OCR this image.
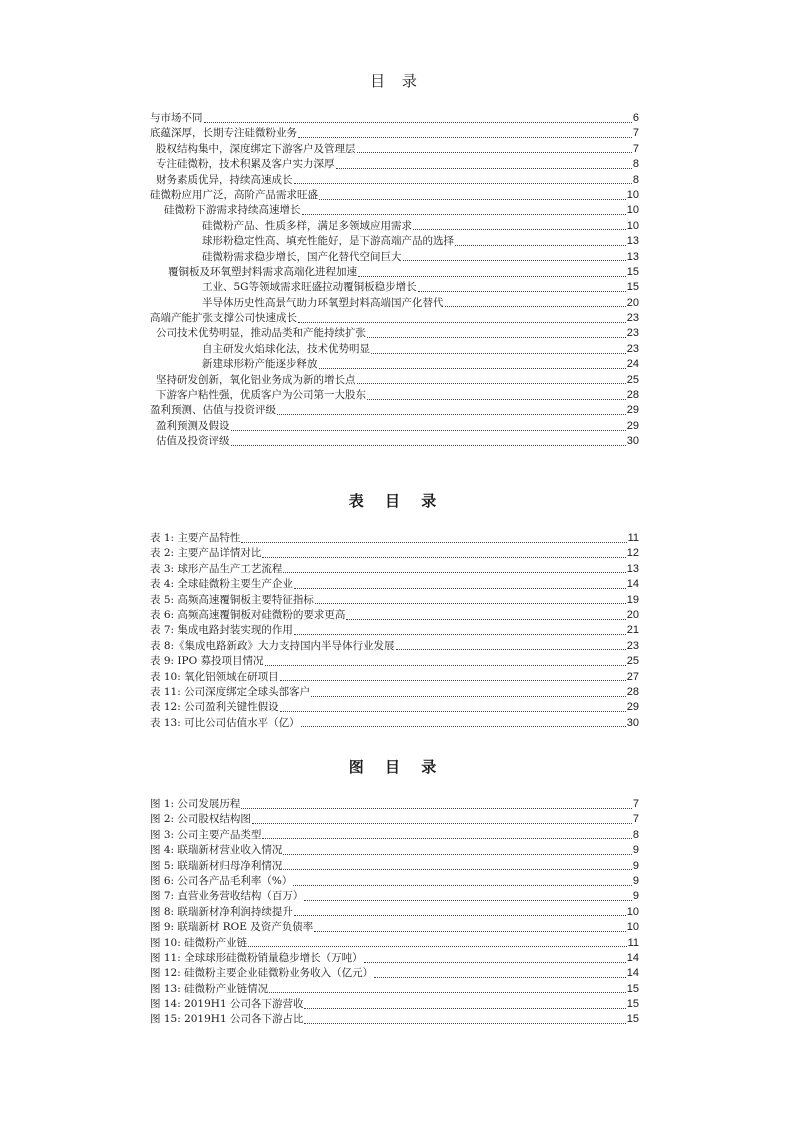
目 录
与市场不同	6
底蕴深厚，长期专注硅微粉业务	7
股权结构集中，深度绑定下游客户及管理层	7
专注硅微粉，技术积累及客户实力深厚	8
财务素质优异，持续高速成长	8
硅微粉应用广泛，高阶产品需求旺盛	10
硅微粉下游需求持续高速增长	10
硅微粉产品、性质多样，满足多领域应用需求	10
球形粉稳定性高、填充性能好，是下游高端产品的选择	13
硅微粉需求稳步增长，国产化替代空间巨大	13
覆铜板及环氧塑封料需求高端化进程加速	15
工业、5G等领域需求旺盛拉动覆铜板稳步增长	15
半导体历史性高景气助力环氧塑封料高端国产化替代	20
高端产能扩张支撑公司快速成长	23
公司技术优势明显，推动品类和产能持续扩张	23
自主研发火焰球化法，技术优势明显	23
新建球形粉产能逐步释放	24
坚持研发创新，氧化铝业务成为新的增长点	25
下游客户粘性强，优质客户为公司第一大股东	28
盈利预测、估值与投资评级	29
盈利预测及假设	29
估值及投资评级	30
表 目 录
表 1: 主要产品特性	11
表 2: 主要产品详情对比	12
表 3: 球形产品生产工艺流程	13
表 4: 全球硅微粉主要生产企业	14
表 5: 高频高速覆铜板主要特征指标	19
表 6: 高频高速覆铜板对硅微粉的要求更高	20
表 7: 集成电路封装实现的作用	21
表 8:《集成电路新政》大力支持国内半导体行业发展	23
表 9: IPO 募投项目情况	25
表 10: 氧化铝领域在研项目	27
表 11: 公司深度绑定全球头部客户	28
表 12: 公司盈利关键性假设	29
表 13: 可比公司估值水平（亿）	30
图 目 录
图 1: 公司发展历程	7
图 2: 公司股权结构图	7
图 3: 公司主要产品类型	8
图 4: 联瑞新材营业收入情况	9
图 5: 联瑞新材归母净利情况	9
图 6: 公司各产品毛利率（%）	9
图 7: 直营业务营收结构（百万）	9
图 8: 联瑞新材净利润持续提升	10
图 9: 联瑞新材 ROE 及资产负债率	10
图 10: 硅微粉产业链	11
图 11: 全球球形硅微粉销量稳步增长（万吨）	14
图 12: 硅微粉主要企业硅微粉业务收入（亿元）	14
图 13: 硅微粉产业链情况	15
图 14: 2019H1 公司各下游营收	15
图 15: 2019H1 公司各下游占比	15
